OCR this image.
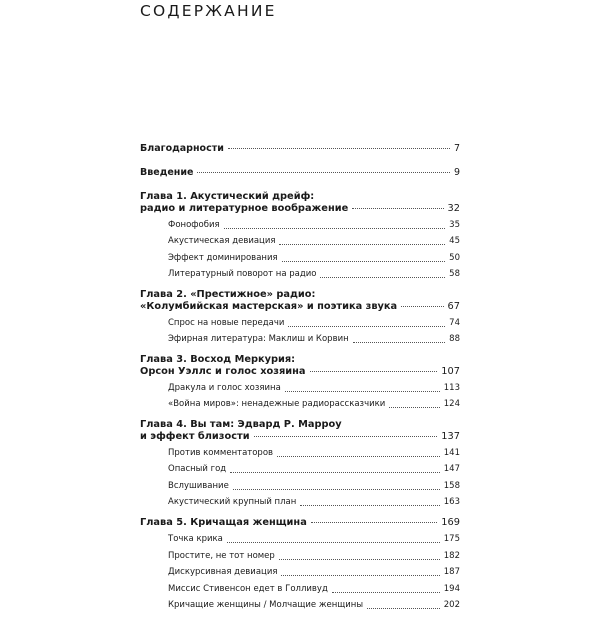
СОДЕРЖАНИЕ
Благодарности	7
Введение	9
Глава 1. Акустический дрейф:
радио и литературное воображение	32
Фонофобия	35
Акустическая девиация	45
Эффект доминирования	50
Литературный поворот на радио	58
Глава 2. «Престижное» радио:
«Колумбийская мастерская» и поэтика звука	67
Спрос на новые передачи	74
Эфирная литература: Маклиш и Корвин	88
Глава 3. Восход Меркурия:
Орсон Уэллс и голос хозяина	107
Дракула и голос хозяина	113
«Война миров»: ненадежные радиорассказчики	124
Глава 4. Вы там: Эдвард Р. Марроу
и эффект близости	137
Против комментаторов	141
Опасный год	147
Вслушивание	158
Акустический крупный план	163
Глава 5. Кричащая женщина	169
Точка крика	175
Простите, не тот номер	182
Дискурсивная девиация	187
Миссис Стивенсон едет в Голливуд	194
Кричащие женщины / Молчащие женщины	202
